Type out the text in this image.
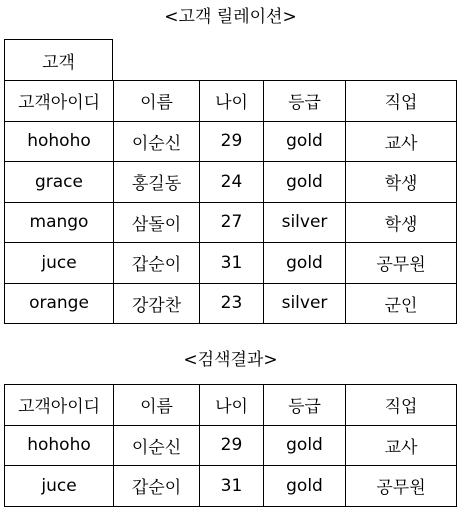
<고객 릴레이션>
고객
고객아이디	이름	나이	등급	직업
hohoho	이순신	29	gold	교사
grace	홍길동	24	gold	학생
mango	삼돌이	27	silver	학생
juce	갑순이	31	gold	공무원
orange	강감찬	23	silver	군인
<검색결과>
고객아이디	이름	나이	등급	직업
hohoho	이순신	29	gold	교사
juce	갑순이	31	gold	공무원
